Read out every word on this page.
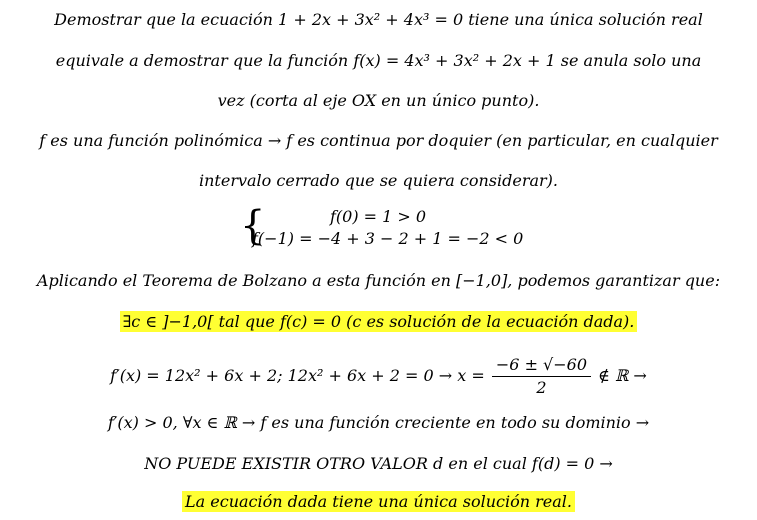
Demostrar que la ecuación 1 + 2x + 3x² + 4x³ = 0 tiene una única solución real
equivale a demostrar que la función f(x) = 4x³ + 3x² + 2x + 1 se anula solo una
vez (corta al eje OX en un único punto).
f es una función polinómica → f es continua por doquier (en particular, en cualquier
intervalo cerrado que se quiera considerar).
{	f(0) = 1 > 0
f(−1) = −4 + 3 − 2 + 1 = −2 < 0
Aplicando el Teorema de Bolzano a esta función en [−1,0], podemos garantizar que:
∃c ∈ ]−1,0[ tal que f(c) = 0 (c es solución de la ecuación dada).
f′(x) = 12x² + 6x + 2; $12x^2 + 6x + 2 = 0 \to x = \frac{-6 \pm √-60}{2}$ ∉ ℝ →
f′(x) > 0, ∀x ∈ ℝ → f es una función creciente en todo su dominio →
NO PUEDE EXISTIR OTRO VALOR d en el cual f(d) = 0 →
La ecuación dada tiene una única solución real.
